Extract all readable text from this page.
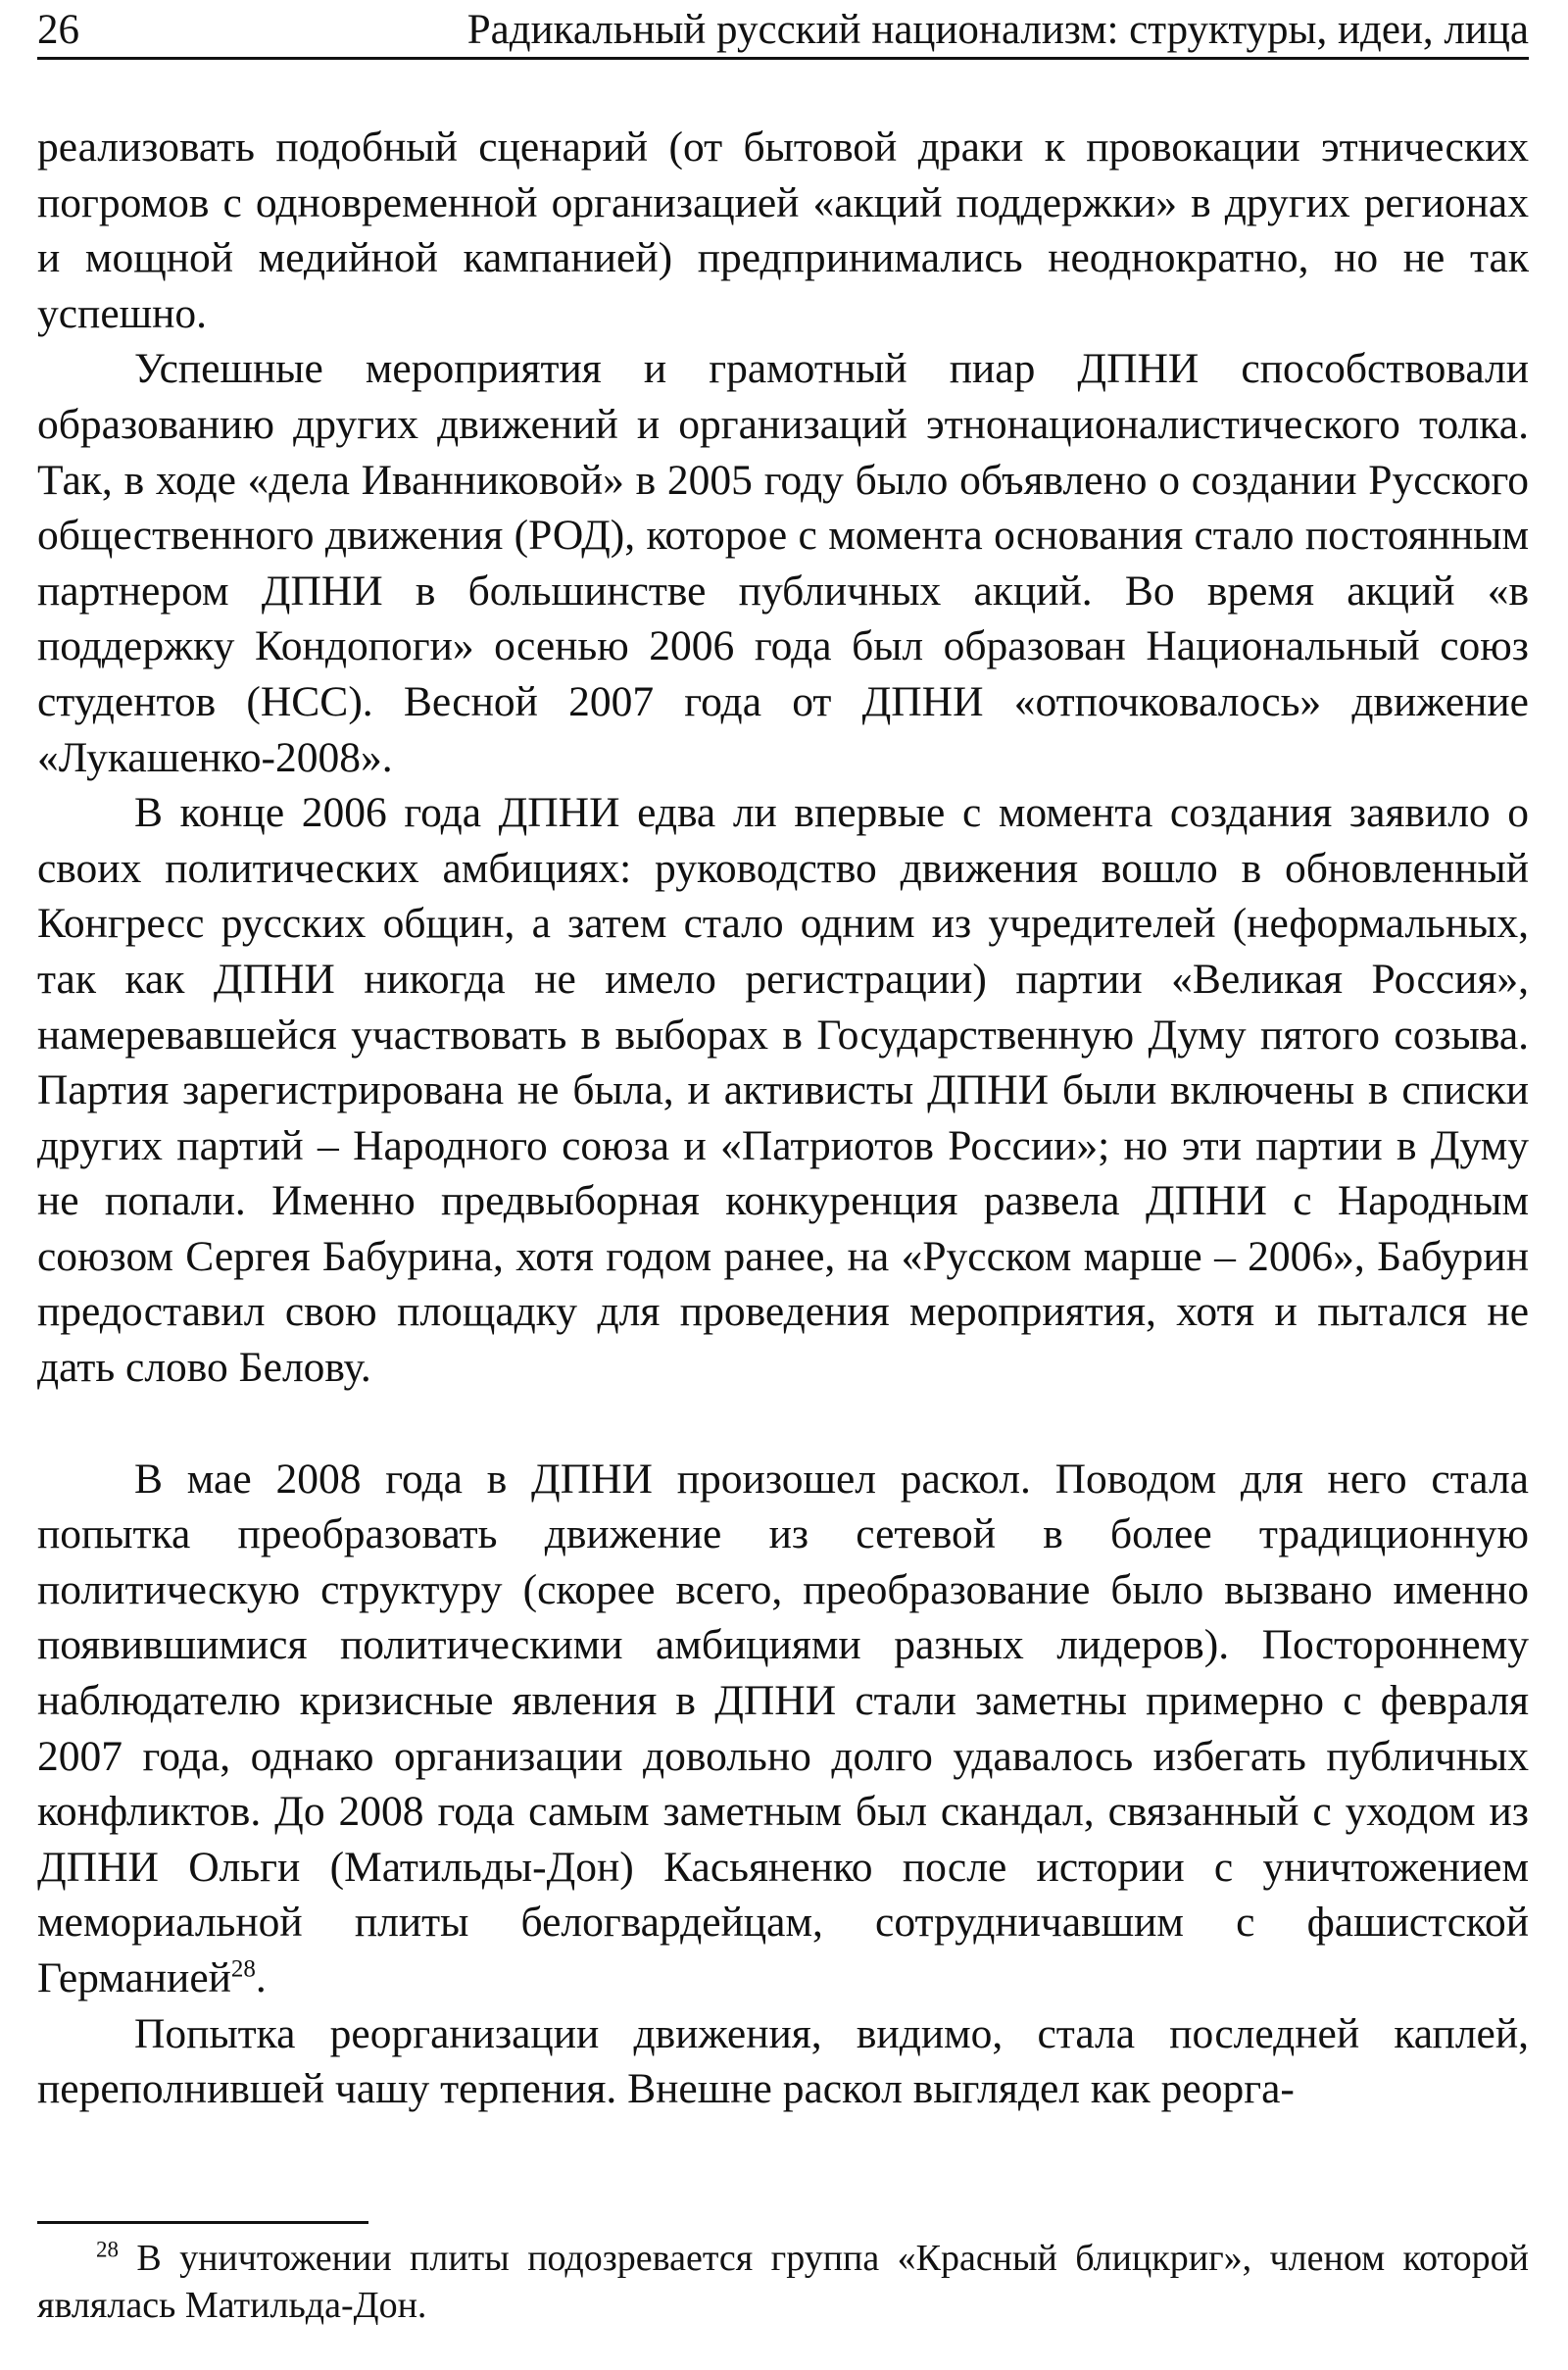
26	Радикальный русский национализм: структуры, идеи, лица

реализовать подобный сценарий (от бытовой драки к провокации этнических погромов с одновременной организацией «акций поддержки» в других регионах и мощной медийной кампанией) предпринимались неоднократно, но не так успешно.

Успешные мероприятия и грамотный пиар ДПНИ способствовали образованию других движений и организаций этнонационалистического толка. Так, в ходе «дела Иванниковой» в 2005 году было объявлено о создании Русского общественного движения (РОД), которое с момента основания стало постоянным партнером ДПНИ в большинстве публичных акций. Во время акций «в поддержку Кондопоги» осенью 2006 года был образован Национальный союз студентов (НСС). Весной 2007 года от ДПНИ «отпочковалось» движение «Лукашенко-2008».

В конце 2006 года ДПНИ едва ли впервые с момента создания заявило о своих политических амбициях: руководство движения вошло в обновленный Конгресс русских общин, а затем стало одним из учредителей (неформальных, так как ДПНИ никогда не имело регистрации) партии «Великая Россия», намеревавшейся участвовать в выборах в Государственную Думу пятого созыва. Партия зарегистрирована не была, и активисты ДПНИ были включены в списки других партий – Народного союза и «Патриотов России»; но эти партии в Думу не попали. Именно предвыборная конкуренция развела ДПНИ с Народным союзом Сергея Бабурина, хотя годом ранее, на «Русском марше – 2006», Бабурин предоставил свою площадку для проведения мероприятия, хотя и пытался не дать слово Белову.

В мае 2008 года в ДПНИ произошел раскол. Поводом для него стала попытка преобразовать движение из сетевой в более традиционную политическую структуру (скорее всего, преобразование было вызвано именно появившимися политическими амбициями разных лидеров). Постороннему наблюдателю кризисные явления в ДПНИ стали заметны примерно с февраля 2007 года, однако организации довольно долго удавалось избегать публичных конфликтов. До 2008 года самым заметным был скандал, связанный с уходом из ДПНИ Ольги (Матильды-Дон) Касьяненко после истории с уничтожением мемориальной плиты белогвардейцам, сотрудничавшим с фашистской Германией$^{28}$.

Попытка реорганизации движения, видимо, стала последней каплей, переполнившей чашу терпения. Внешне раскол выглядел как реорга-

$^{28}$ В уничтожении плиты подозревается группа «Красный блицкриг», членом которой являлась Матильда-Дон.
